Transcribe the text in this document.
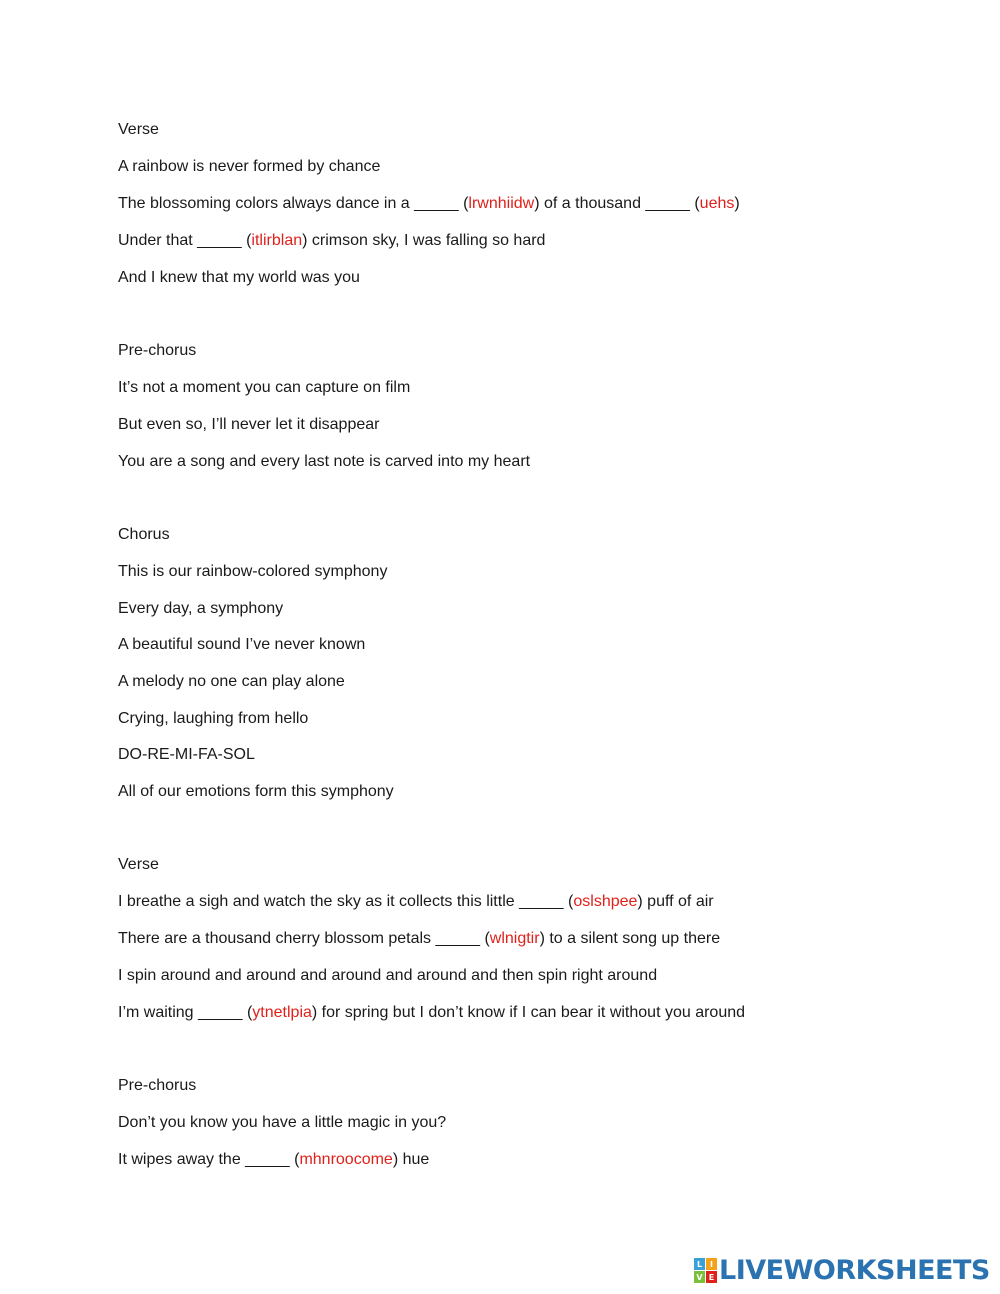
Verse
A rainbow is never formed by chance
The blossoming colors always dance in a _____ (lrwnhiidw) of a thousand _____ (uehs)
Under that _____ (itlirblan) crimson sky, I was falling so hard
And I knew that my world was you
Pre-chorus
It’s not a moment you can capture on film
But even so, I’ll never let it disappear
You are a song and every last note is carved into my heart
Chorus
This is our rainbow-colored symphony
Every day, a symphony
A beautiful sound I’ve never known
A melody no one can play alone
Crying, laughing from hello
DO-RE-MI-FA-SOL
All of our emotions form this symphony
Verse
I breathe a sigh and watch the sky as it collects this little _____ (oslshpee) puff of air
There are a thousand cherry blossom petals _____ (wlnigtir) to a silent song up there
I spin around and around and around and around and then spin right around
I’m waiting _____ (ytnetlpia) for spring but I don’t know if I can bear it without you around
Pre-chorus
Don’t you know you have a little magic in you?
It wipes away the _____ (mhnroocome) hue
L I
V E LIVEWORKSHEETS
